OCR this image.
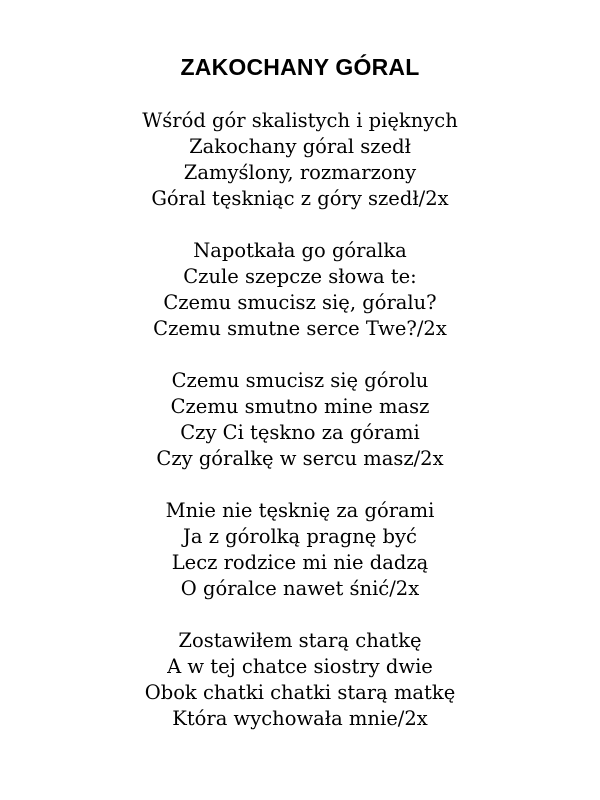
ZAKOCHANY GÓRAL
Wśród gór skalistych i pięknych
Zakochany góral szedł
Zamyślony, rozmarzony
Góral tęskniąc z góry szedł/2x
Napotkała go góralka
Czule szepcze słowa te:
Czemu smucisz się, góralu?
Czemu smutne serce Twe?/2x
Czemu smucisz się górolu
Czemu smutno mine masz
Czy Ci tęskno za górami
Czy góralkę w sercu masz/2x
Mnie nie tęsknię za górami
Ja z górolką pragnę być
Lecz rodzice mi nie dadzą
O góralce nawet śnić/2x
Zostawiłem starą chatkę
A w tej chatce siostry dwie
Obok chatki chatki starą matkę
Która wychowała mnie/2x
